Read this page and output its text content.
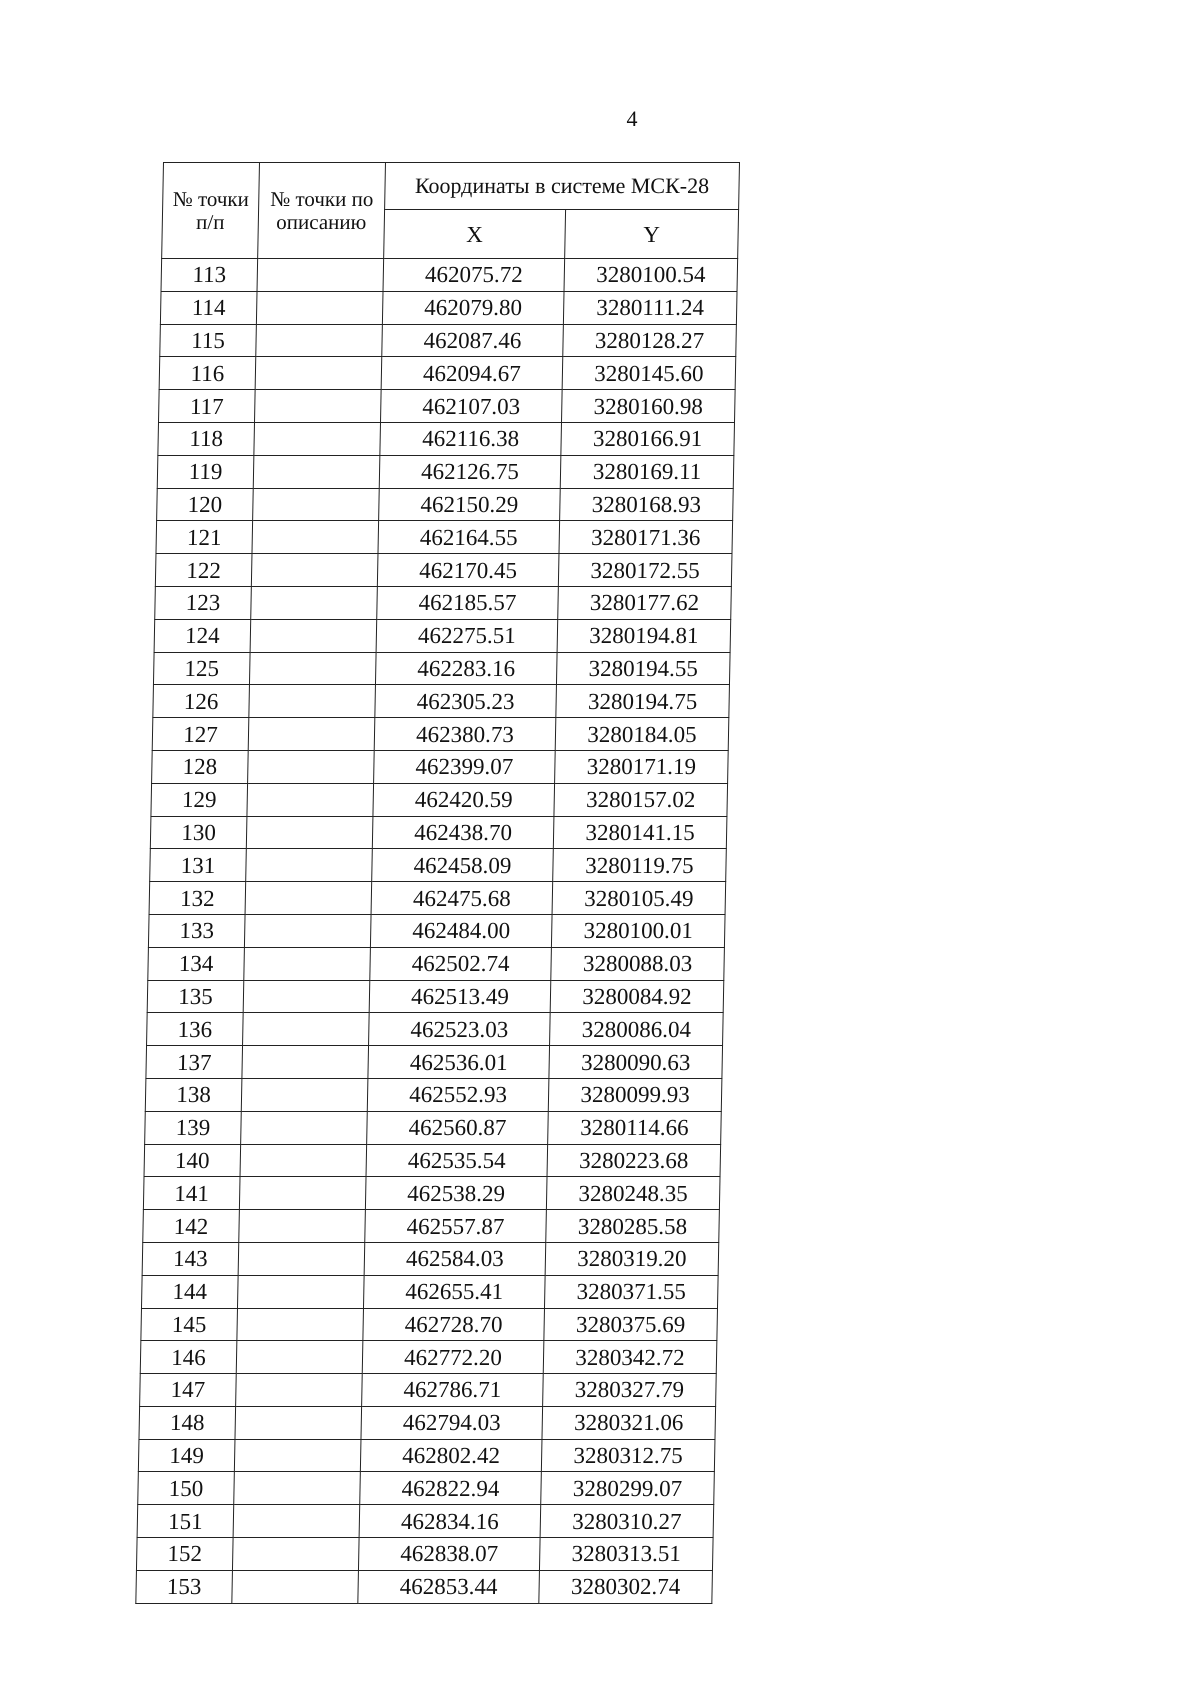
4
№ точки п/п	№ точки по описанию	Координаты в системе МСК-28	
		X	Y
113		462075.72	3280100.54
114		462079.80	3280111.24
115		462087.46	3280128.27
116		462094.67	3280145.60
117		462107.03	3280160.98
118		462116.38	3280166.91
119		462126.75	3280169.11
120		462150.29	3280168.93
121		462164.55	3280171.36
122		462170.45	3280172.55
123		462185.57	3280177.62
124		462275.51	3280194.81
125		462283.16	3280194.55
126		462305.23	3280194.75
127		462380.73	3280184.05
128		462399.07	3280171.19
129		462420.59	3280157.02
130		462438.70	3280141.15
131		462458.09	3280119.75
132		462475.68	3280105.49
133		462484.00	3280100.01
134		462502.74	3280088.03
135		462513.49	3280084.92
136		462523.03	3280086.04
137		462536.01	3280090.63
138		462552.93	3280099.93
139		462560.87	3280114.66
140		462535.54	3280223.68
141		462538.29	3280248.35
142		462557.87	3280285.58
143		462584.03	3280319.20
144		462655.41	3280371.55
145		462728.70	3280375.69
146		462772.20	3280342.72
147		462786.71	3280327.79
148		462794.03	3280321.06
149		462802.42	3280312.75
150		462822.94	3280299.07
151		462834.16	3280310.27
152		462838.07	3280313.51
153		462853.44	3280302.74
